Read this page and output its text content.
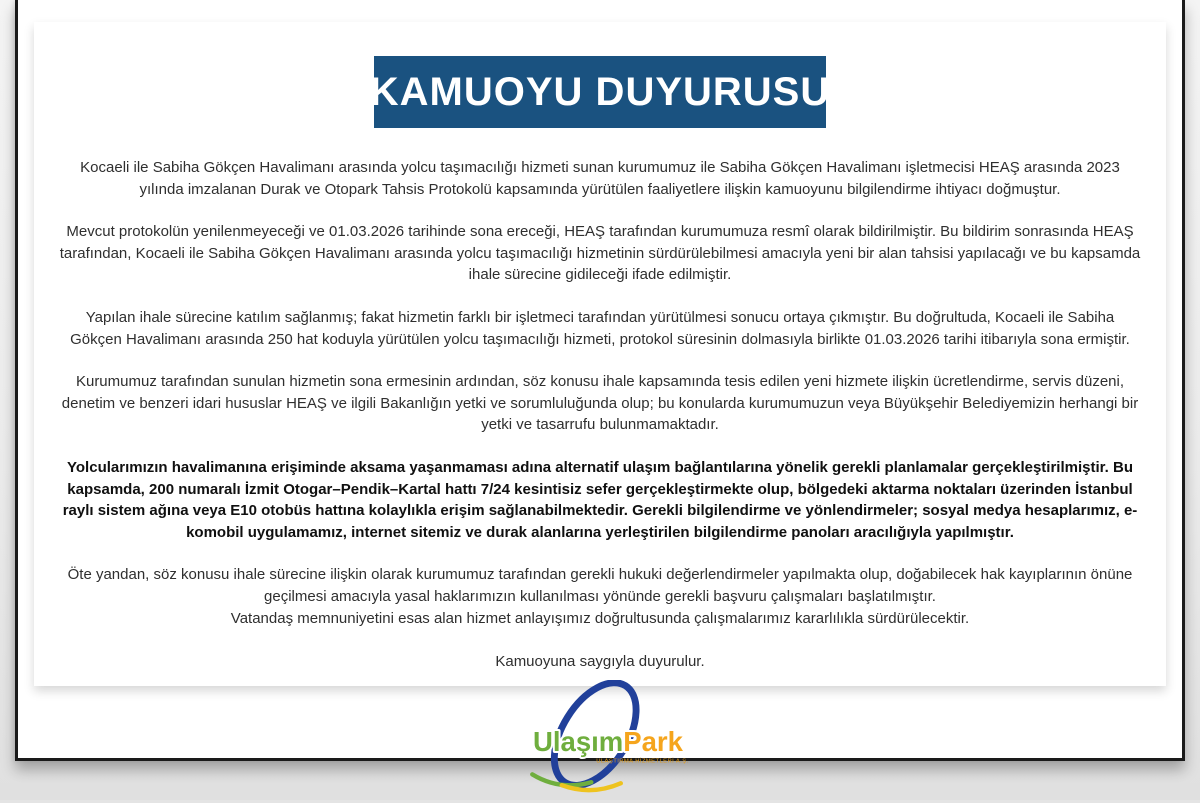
KAMUOYU DUYURUSU

Kocaeli ile Sabiha Gökçen Havalimanı arasında yolcu taşımacılığı hizmeti sunan kurumumuz ile Sabiha Gökçen Havalimanı işletmecisi HEAŞ arasında 2023 yılında imzalanan Durak ve Otopark Tahsis Protokolü kapsamında yürütülen faaliyetlere ilişkin kamuoyunu bilgilendirme ihtiyacı doğmuştur.

Mevcut protokolün yenilenmeyeceği ve 01.03.2026 tarihinde sona ereceği, HEAŞ tarafından kurumumuza resmî olarak bildirilmiştir. Bu bildirim sonrasında HEAŞ tarafından, Kocaeli ile Sabiha Gökçen Havalimanı arasında yolcu taşımacılığı hizmetinin sürdürülebilmesi amacıyla yeni bir alan tahsisi yapılacağı ve bu kapsamda ihale sürecine gidileceği ifade edilmiştir.

Yapılan ihale sürecine katılım sağlanmış; fakat hizmetin farklı bir işletmeci tarafından yürütülmesi sonucu ortaya çıkmıştır. Bu doğrultuda, Kocaeli ile Sabiha Gökçen Havalimanı arasında 250 hat koduyla yürütülen yolcu taşımacılığı hizmeti, protokol süresinin dolmasıyla birlikte 01.03.2026 tarihi itibarıyla sona ermiştir.

Kurumumuz tarafından sunulan hizmetin sona ermesinin ardından, söz konusu ihale kapsamında tesis edilen yeni hizmete ilişkin ücretlendirme, servis düzeni, denetim ve benzeri idari hususlar HEAŞ ve ilgili Bakanlığın yetki ve sorumluluğunda olup; bu konularda kurumumuzun veya Büyükşehir Belediyemizin herhangi bir yetki ve tasarrufu bulunmamaktadır.

Yolcularımızın havalimanına erişiminde aksama yaşanmaması adına alternatif ulaşım bağlantılarına yönelik gerekli planlamalar gerçekleştirilmiştir. Bu kapsamda, 200 numaralı İzmit Otogar–Pendik–Kartal hattı 7/24 kesintisiz sefer gerçekleştirmekte olup, bölgedeki aktarma noktaları üzerinden İstanbul raylı sistem ağına veya E10 otobüs hattına kolaylıkla erişim sağlanabilmektedir. Gerekli bilgilendirme ve yönlendirmeler; sosyal medya hesaplarımız, e-komobil uygulamamız, internet sitemiz ve durak alanlarına yerleştirilen bilgilendirme panoları aracılığıyla yapılmıştır.

Öte yandan, söz konusu ihale sürecine ilişkin olarak kurumumuz tarafından gerekli hukuki değerlendirmeler yapılmakta olup, doğabilecek hak kayıplarının önüne geçilmesi amacıyla yasal haklarımızın kullanılması yönünde gerekli başvuru çalışmaları başlatılmıştır.

Vatandaş memnuniyetini esas alan hizmet anlayışımız doğrultusunda çalışmalarımız kararlılıkla sürdürülecektir.

Kamuoyuna saygıyla duyurulur.

UlaşımPark
ULAŞTIRMA HİZMETLERİ A.Ş.
